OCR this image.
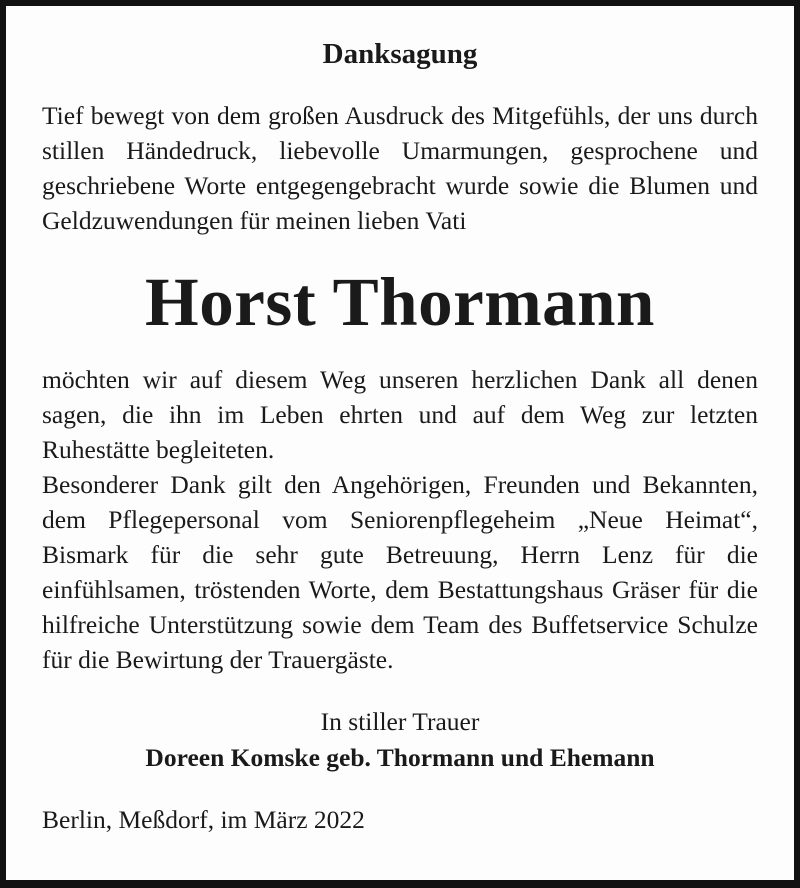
Danksagung

Tief bewegt von dem großen Ausdruck des Mitgefühls, der uns durch stillen Händedruck, liebevolle Umarmungen, gesprochene und geschriebene Worte entgegengebracht wurde sowie die Blumen und Geldzuwendungen für meinen lieben Vati

Horst Thormann

möchten wir auf diesem Weg unseren herzlichen Dank all denen sagen, die ihn im Leben ehrten und auf dem Weg zur letzten Ruhestätte begleiteten.

Besonderer Dank gilt den Angehörigen, Freunden und Bekannten, dem Pflegepersonal vom Seniorenpflegeheim „Neue Heimat“, Bismark für die sehr gute Betreuung, Herrn Lenz für die einfühlsamen, tröstenden Worte, dem Bestattungshaus Gräser für die hilfreiche Unterstützung sowie dem Team des Buffetservice Schulze für die Bewirtung der Trauergäste.

In stiller Trauer

Doreen Komske geb. Thormann und Ehemann

Berlin, Meßdorf, im März 2022
